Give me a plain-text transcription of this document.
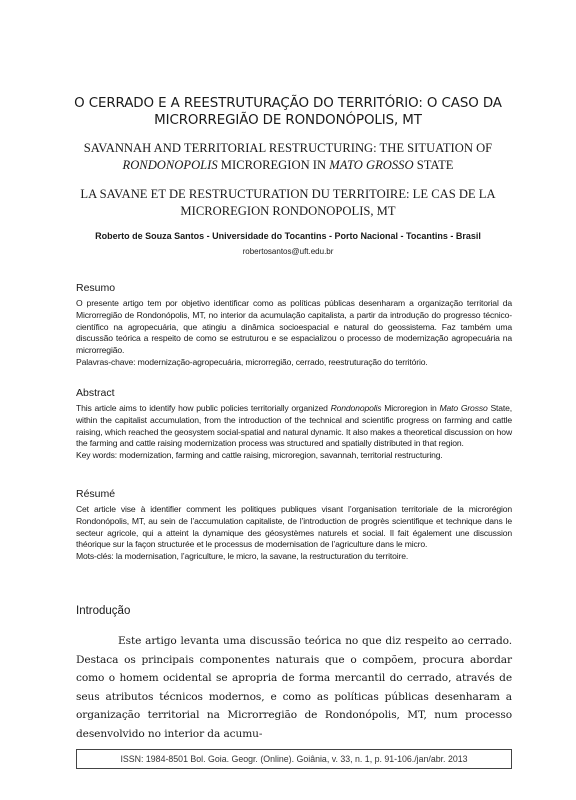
O CERRADO E A REESTRUTURAÇÃO DO TERRITÓRIO: O CASO DA MICRORREGIÃO DE RONDONÓPOLIS, MT
SAVANNAH AND TERRITORIAL RESTRUCTURING: THE SITUATION OF
RONDONOPOLIS MICROREGION IN MATO GROSSO STATE
LA SAVANE ET DE RESTRUCTURATION DU TERRITOIRE: LE CAS DE LA MICROREGION RONDONOPOLIS, MT
Roberto de Souza Santos - Universidade do Tocantins - Porto Nacional - Tocantins - Brasil
robertosantos@uft.edu.br
Resumo

O presente artigo tem por objetivo identificar como as políticas públicas desenharam a organização territorial da Microrregião de Rondonópolis, MT, no interior da acumulação capitalista, a partir da introdução do progresso técnico-científico na agropecuária, que atingiu a dinâmica socioespacial e natural do geossistema. Faz também uma discussão teórica a respeito de como se estruturou e se espacializou o processo de modernização agropecuária na microrregião.

Palavras-chave: modernização-agropecuária, microrregião, cerrado, reestruturação do território.

Abstract

This article aims to identify how public policies territorially organized Rondonopolis Microregion in Mato Grosso State, within the capitalist accumulation, from the introduction of the technical and scientific progress on farming and cattle raising, which reached the geosystem social-spatial and natural dynamic. It also makes a theoretical discussion on how the farming and cattle raising modernization process was structured and spatially distributed in that region.

Key words: modernization, farming and cattle raising, microregion, savannah, territorial restructuring.

Résumé

Cet article vise à identifier comment les politiques publiques visant l’organisation territoriale de la microrégion Rondonópolis, MT, au sein de l’accumulation capitaliste, de l’introduction de progrès scientifique et technique dans le secteur agricole, qui a atteint la dynamique des géosystèmes naturels et social. Il fait également une discussion théorique sur la façon structurée et le processus de modernisation de l’agriculture dans le micro.

Mots-clés: la modernisation, l’agriculture, le micro, la savane, la restructuration du territoire.

Introdução

Este artigo levanta uma discussão teórica no que diz respeito ao cerrado. Destaca os principais componentes naturais que o compõem, procura abordar como o homem ocidental se apropria de forma mercantil do cerrado, através de seus atributos técnicos modernos, e como as políticas públicas desenharam a organização territorial na Microrregião de Rondonópolis, MT, num processo desenvolvido no interior da acumu-

ISSN: 1984-8501 Bol. Goia. Geogr. (Online). Goiânia, v. 33, n. 1, p. 91-106./jan/abr. 2013
